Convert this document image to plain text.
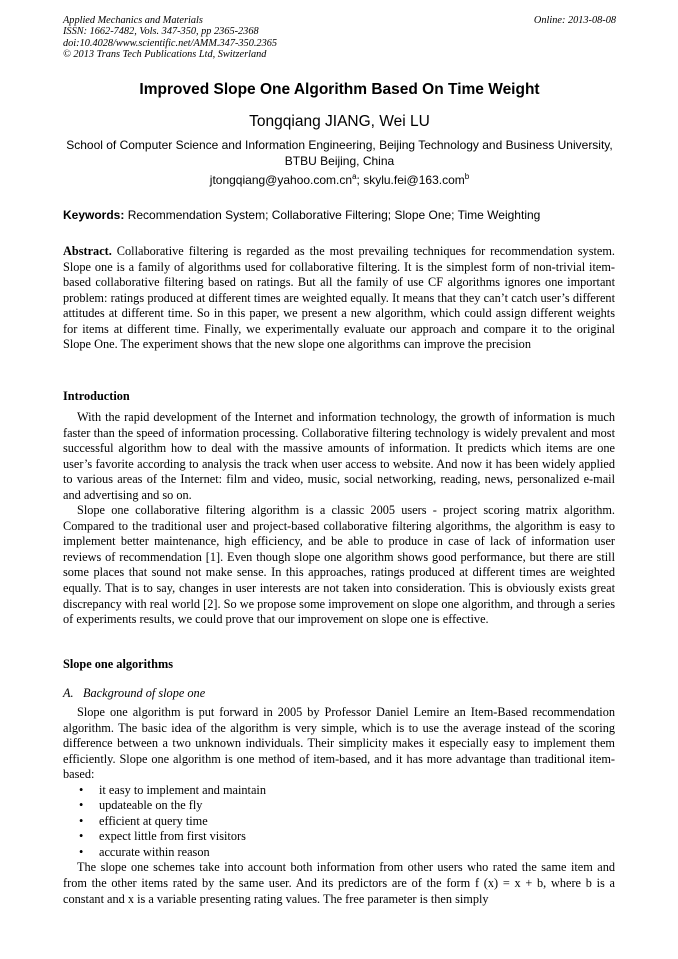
Applied Mechanics and Materials
ISSN: 1662-7482, Vols. 347-350, pp 2365-2368
doi:10.4028/www.scientific.net/AMM.347-350.2365
© 2013 Trans Tech Publications Ltd, Switzerland
Online: 2013-08-08
Improved Slope One Algorithm Based On Time Weight
Tongqiang JIANG, Wei LU
School of Computer Science and Information Engineering, Beijing Technology and Business University, BTBU Beijing, China
$jtongqiang@yahoo.com.cn^a$; skylu.fei@163.com$^b$
Keywords: Recommendation System; Collaborative Filtering; Slope One; Time Weighting

Abstract. Collaborative filtering is regarded as the most prevailing techniques for recommendation system. Slope one is a family of algorithms used for collaborative filtering. It is the simplest form of non-trivial item-based collaborative filtering based on ratings. But all the family of use CF algorithms ignores one important problem: ratings produced at different times are weighted equally. It means that they can’t catch user’s different attitudes at different time. So in this paper, we present a new algorithm, which could assign different weights for items at different time. Finally, we experimentally evaluate our approach and compare it to the original Slope One. The experiment shows that the new slope one algorithms can improve the precision

Introduction

With the rapid development of the Internet and information technology, the growth of information is much faster than the speed of information processing. Collaborative filtering technology is widely prevalent and most successful algorithm how to deal with the massive amounts of information. It predicts which items are one user’s favorite according to analysis the track when user access to website. And now it has been widely applied to various areas of the Internet: film and video, music, social networking, reading, news, personalized e-mail and advertising and so on.

Slope one collaborative filtering algorithm is a classic 2005 users - project scoring matrix algorithm. Compared to the traditional user and project-based collaborative filtering algorithms, the algorithm is easy to implement better maintenance, high efficiency, and be able to produce in case of lack of information user reviews of recommendation [1]. Even though slope one algorithm shows good performance, but there are still some places that sound not make sense. In this approaches, ratings produced at different times are weighted equally. That is to say, changes in user interests are not taken into consideration. This is obviously exists great discrepancy with real world [2]. So we propose some improvement on slope one algorithm, and through a series of experiments results, we could prove that our improvement on slope one is effective.

Slope one algorithms
A. Background of slope one

Slope one algorithm is put forward in 2005 by Professor Daniel Lemire an Item-Based recommendation algorithm. The basic idea of the algorithm is very simple, which is to use the average instead of the scoring difference between a two unknown individuals. Their simplicity makes it especially easy to implement them efficiently. Slope one algorithm is one method of item-based, and it has more advantage than traditional item-based:

• it easy to implement and maintain
• updateable on the fly
• efficient at query time
• expect little from first visitors
• accurate within reason

The slope one schemes take into account both information from other users who rated the same item and from the other items rated by the same user. And its predictors are of the form f (x) = x + b, where b is a constant and x is a variable presenting rating values. The free parameter is then simply
